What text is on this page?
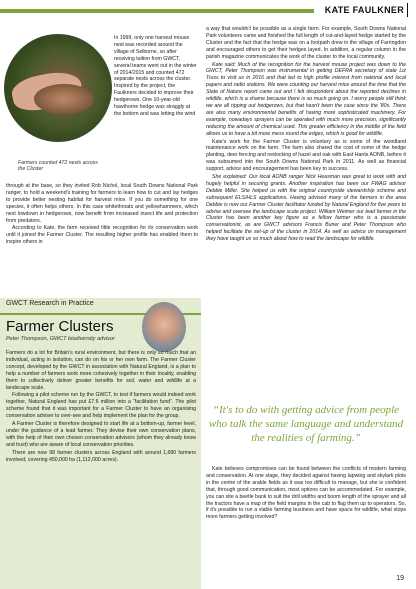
KATE FAULKNER
Farmers counted 472 nests across the Cluster

In 1999, only one harvest mouse nest was recorded around the village of Selborne, so after receiving tuition from GWCT, several teams went out in the winter of 2014/2015 and counted 472 separate nests across the cluster. Inspired by the project, the Faulkners decided to improve their hedgerows. One 10-year-old hawthorne hedge was straggly at the bottom and was letting the wind

through at the base, so they invited Rob Nichol, local South Downs National Park ranger, to hold a weekend's training for farmers to learn how to cut and lay hedges to provide better nesting habitat for harvest mice. If you do something for one species, it often helps others. In this case whitethroats and yellowhammers, which nest lowdown in hedgerows, now benefit from increased insect life and protection from predators.

According to Kate, the farm received little recognition for its conservation work until it joined the Farmer Cluster. The resulting higher profile has enabled them to inspire others in

GWCT Research in Practice
Farmer Clusters
Peter Thompson, GWCT biodiversity advisor

Farmers do a lot for Britain's rural environment, but there is only so much that an individual, acting in isolation, can do on his or her own farm. The Farmer Cluster concept, developed by the GWCT in association with Natural England, is a plan to help a number of farmers work more cohesively together in their locality, enabling them to collectively deliver greater benefits for soil, water and wildlife at a landscape scale.

Following a pilot scheme run by the GWCT, to test if farmers would indeed work together, Natural England has put £7.6 million into a “facilitation fund”. The pilot scheme found that it was important for a Farmer Cluster to have an organising conservation adviser to over-see and help implement the plan for the group.

A Farmer Cluster is therefore designed to start life at a bottom-up, farmer level, under the guidance of a lead farmer. They devise their own conservation plans, with the help of their own chosen conservation advisors (whom they already know and trust) who are aware of local conservation priorities.

There are now 98 farmer clusters across England with around 1,680 farmers involved, covering 450,000 ha (1,112,000 acres).

a way that wouldn't be possible as a single farm. For example, South Downs National Park volunteers came and finished the full length of cut-and-layed hedge started by the Cluster and the fact that the hedge was on a footpath drew in the village of Farringdon and encouraged others to get their hedges layed. In addition, a regular column in the parish magazine communicates the work of the cluster to the local community.

Kate said: Much of the recognition for the harvest mouse project was down to the GWCT, Peter Thompson was instrumental in getting DEFRA secretary of state Liz Truss to visit us in 2016 and that led to high profile interest from national and local papers and radio stations. We were counting our harvest mice around the time that the State of Nature report came out and I felt despondent about the reported declines in wildlife, which is a shame because there is so much going on. I worry people still think we are all ripping out hedgerows, but that hasn't been the case since the '80s. There are also many environmental benefits of having more sophisticated machinery. For example, nowadays sprayers can be operated with much more precision, significantly reducing the amount of chemical used. This greater efficiency in the middle of the field allows us to have a bit more mess round the edges, which is good for wildlife.

Kate's work for the Farmer Cluster is voluntary as is some of the woodland maintenance work on the farm. The farm also shared the cost of some of the hedge planting, deer fencing and restocking of hazel and oak with East Hants AONB, before it was subsumed into the South Downs National Park in 2011. As well as financial support, advice and encouragement has been key to success.

She explained: Our local AONB ranger Nick Heasman was great to work with and hugely helpful in securing grants. Another inspiration has been our FWAG advisor Debbie Miller. She helped us with the original countryside stewardship scheme and subsequent ELS/HLS applications. Having advised many of the farmers in the area Debbie is now our Farmer Cluster facilitator funded by Natural England for five years to advise and oversee the landscape scale project. William Weimer our lead farmer in the Cluster has been another key figure as a fellow farmer who is a passionate conservationist, as are GWCT advisors Francis Buner and Peter Thompson who helped facilitate the set-up of the cluster in 2014. As well as advice on management they have taught us so much about how to read the landscape for wildlife.

“It's to do with getting advice from people who talk the same language and understand the realities of farming.”

Kate believes compromises can be found between the conflicts of modern farming and conservation. At one stage, they decided against having lapwing and skylark plots in the centre of the arable fields as it was too difficult to manage, but she is confident that, through good communication, most options can be accommodated. For example, you can site a beetle bank to suit the drill widths and boom length of the sprayer and all the tractors have a map of the field margins in the cab to flag them up to operators. So, if it's possible to run a viable farming business and have space for wildlife, what stops more farmers getting involved?

19
